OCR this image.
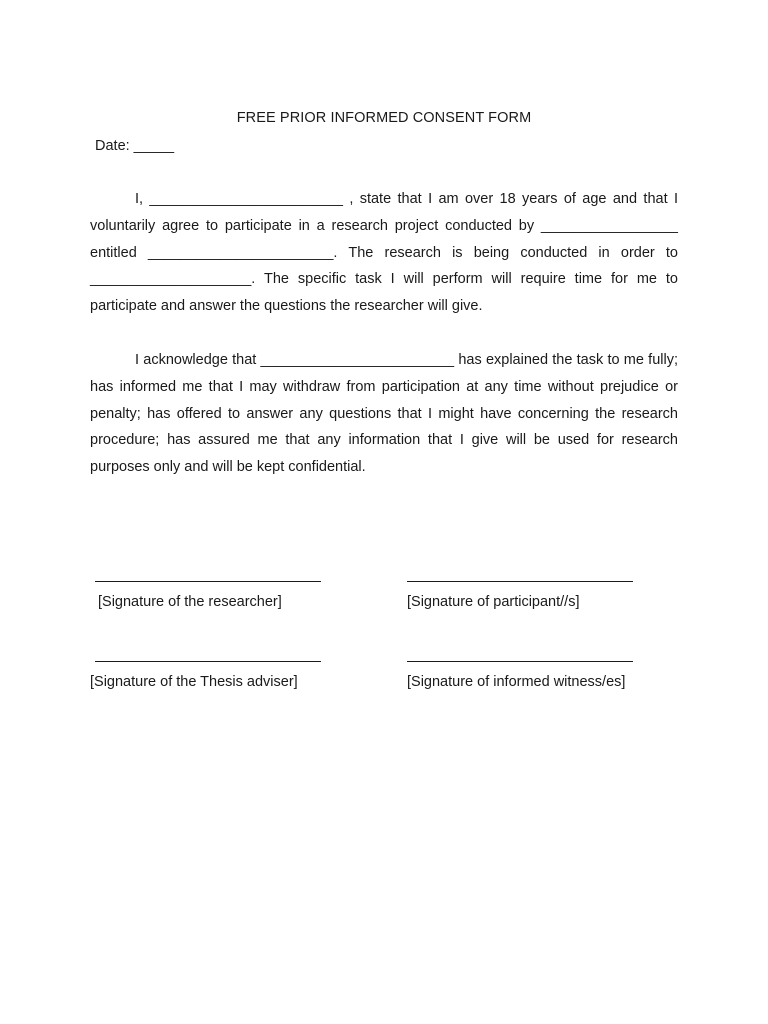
FREE PRIOR INFORMED CONSENT FORM
Date: _____

I, ________________________ , state that I am over 18 years of age and that I voluntarily agree to participate in a research project conducted by _________________ entitled _______________________. The research is being conducted in order to ____________________. The specific task I will perform will require time for me to participate and answer the questions the researcher will give.

I acknowledge that ________________________ has explained the task to me fully; has informed me that I may withdraw from participation at any time without prejudice or penalty; has offered to answer any questions that I might have concerning the research procedure; has assured me that any information that I give will be used for research purposes only and will be kept confidential.

[Signature of the researcher]	[Signature of participant//s]
[Signature of the Thesis adviser]	[Signature of informed witness/es]
